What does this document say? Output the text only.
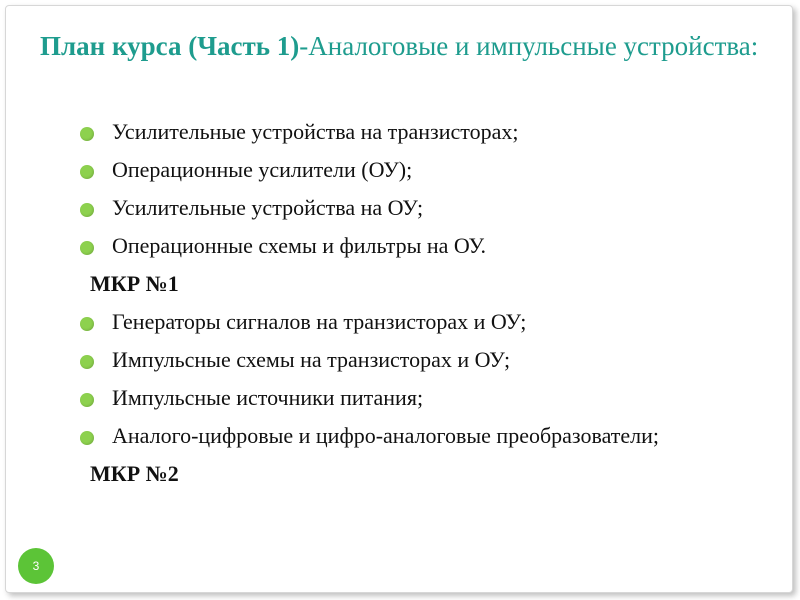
План курса (Часть 1)-Аналоговые и импульсные устройства:
Усилительные устройства на транзисторах;
Операционные усилители (ОУ);
Усилительные устройства на ОУ;
Операционные схемы и фильтры на ОУ.
МКР №1
Генераторы сигналов на транзисторах и ОУ;
Импульсные схемы на транзисторах и ОУ;
Импульсные источники питания;
Аналого-цифровые и цифро-аналоговые преобразователи;
МКР №2
3
